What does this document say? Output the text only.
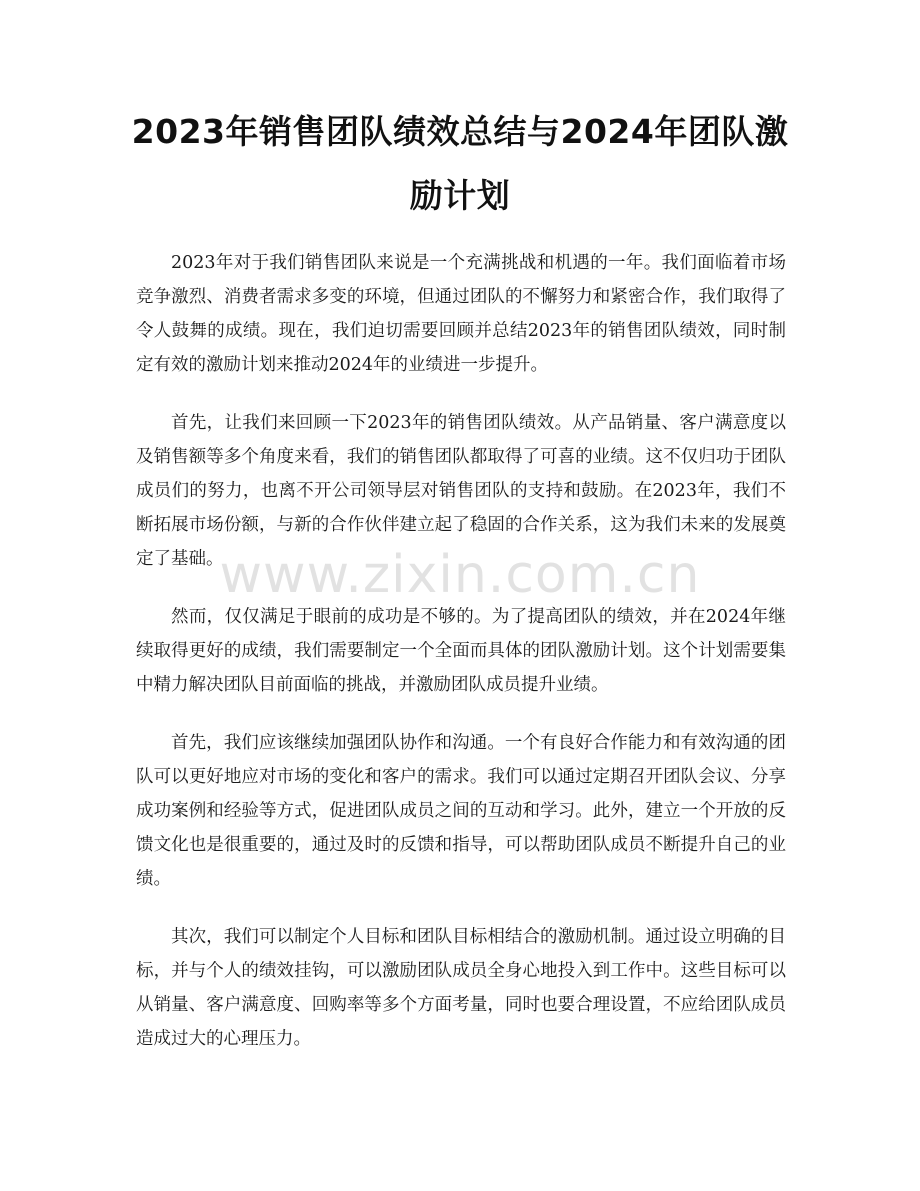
2023年销售团队绩效总结与2024年团队激励计划

2023年对于我们销售团队来说是一个充满挑战和机遇的一年。我们面临着市场竞争激烈、消费者需求多变的环境，但通过团队的不懈努力和紧密合作，我们取得了令人鼓舞的成绩。现在，我们迫切需要回顾并总结2023年的销售团队绩效，同时制定有效的激励计划来推动2024年的业绩进一步提升。

首先，让我们来回顾一下2023年的销售团队绩效。从产品销量、客户满意度以及销售额等多个角度来看，我们的销售团队都取得了可喜的业绩。这不仅归功于团队成员们的努力，也离不开公司领导层对销售团队的支持和鼓励。在2023年，我们不断拓展市场份额，与新的合作伙伴建立起了稳固的合作关系，这为我们未来的发展奠定了基础。

然而，仅仅满足于眼前的成功是不够的。为了提高团队的绩效，并在2024年继续取得更好的成绩，我们需要制定一个全面而具体的团队激励计划。这个计划需要集中精力解决团队目前面临的挑战，并激励团队成员提升业绩。

首先，我们应该继续加强团队协作和沟通。一个有良好合作能力和有效沟通的团队可以更好地应对市场的变化和客户的需求。我们可以通过定期召开团队会议、分享成功案例和经验等方式，促进团队成员之间的互动和学习。此外，建立一个开放的反馈文化也是很重要的，通过及时的反馈和指导，可以帮助团队成员不断提升自己的业绩。

其次，我们可以制定个人目标和团队目标相结合的激励机制。通过设立明确的目标，并与个人的绩效挂钩，可以激励团队成员全身心地投入到工作中。这些目标可以从销量、客户满意度、回购率等多个方面考量，同时也要合理设置，不应给团队成员造成过大的心理压力。

www.zixin.com.cn
